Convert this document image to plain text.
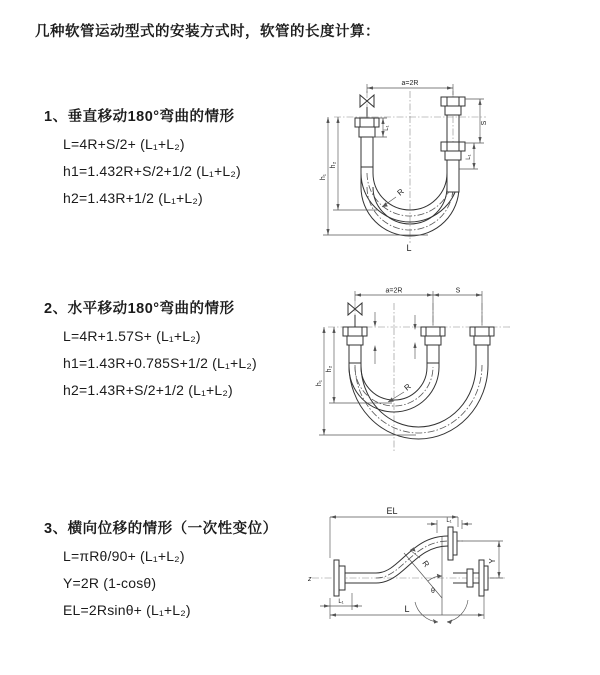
几种软管运动型式的安装方式时，软管的长度计算：
1、垂直移动180°弯曲的情形
L=4R+S/2+ (L₁+L₂)
h1=1.432R+S/2+1/2 (L₁+L₂)
h2=1.43R+1/2 (L₁+L₂)
2、水平移动180°弯曲的情形
L=4R+1.57S+ (L₁+L₂)
h1=1.43R+0.785S+1/2 (L₁+L₂)
h2=1.43R+S/2+1/2 (L₁+L₂)
3、横向位移的情形（一次性变位）
L=πRθ/90+ (L₁+L₂)
Y=2R (1-cosθ)
EL=2Rsinθ+ (L₁+L₂)
a=2R
S
L₁
L₁
h₁
h₂
R
L
a=2R	S
h₁
h₂
R
z
θ
EL
L₁
Y
L
L₁
R
